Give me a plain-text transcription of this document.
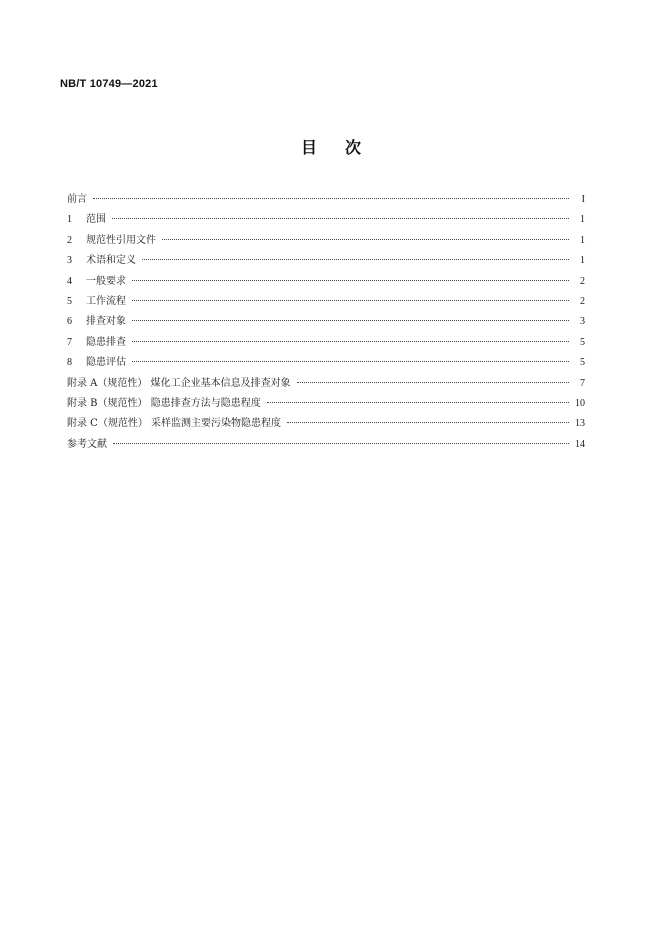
NB/T 10749—2021
目次
前言	I
1	范围	1
2	规范性引用文件	1
3	术语和定义	1
4	一般要求	2
5	工作流程	2
6	排查对象	3
7	隐患排查	5
8	隐患评估	5
附录 A（规范性） 煤化工企业基本信息及排查对象	7
附录 B（规范性） 隐患排查方法与隐患程度	10
附录 C（规范性） 采样监测主要污染物隐患程度	13
参考文献	14
